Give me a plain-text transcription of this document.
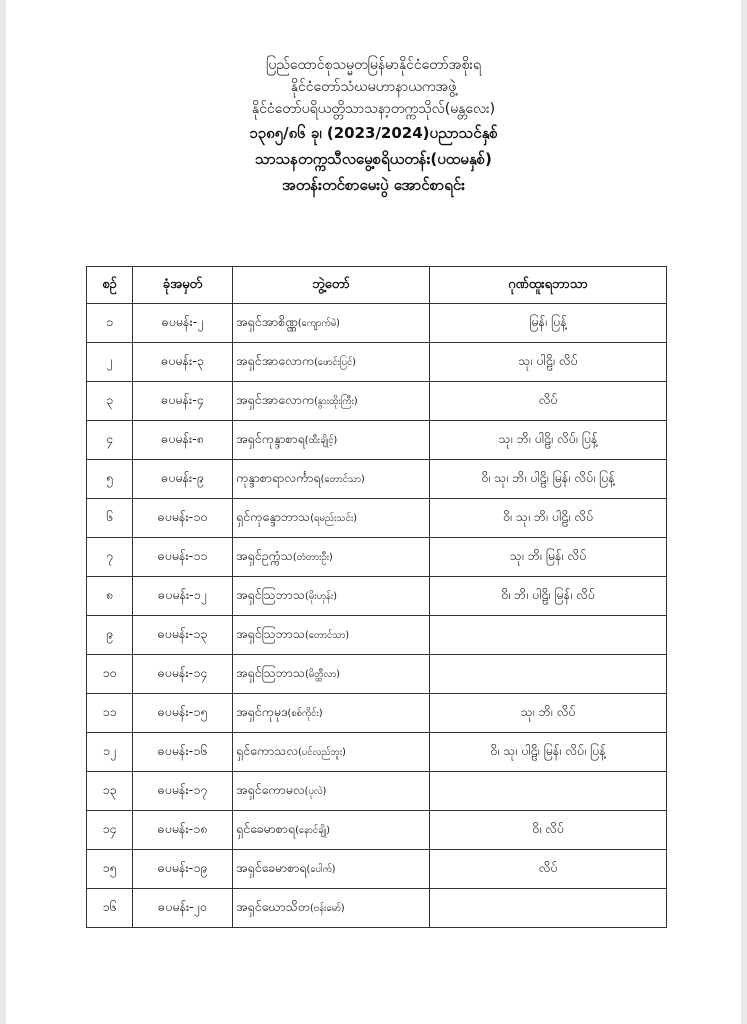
ပြည်ထောင်စုသမ္မတမြန်မာနိုင်ငံတော်အစိုးရ
နိုင်ငံတော်သံဃမဟာနာယကအဖွဲ့
နိုင်ငံတော်ပရိယတ္တိသာသနာ့တက္ကသိုလ်(မန္တလေး)
၁၃၈၅/၈၆ ခု၊ (2023/2024)ပညာသင်နှစ်
သာသနတက္ကသီလမွေ့စရိယတန်း(ပထမနှစ်)
အတန်းတင်စာမေးပွဲ အောင်စာရင်း
စဉ်	ခုံအမှတ်	ဘွဲ့တော်	ဂုဏ်ထူးရဘာသာ
၁	ဓပမန်း-၂	အရှင်အာစိဏ္ဏ(ကျောက်မဲ)	မြန်၊ ပြန့်
၂	ဓပမန်း-၃	အရှင်အာလောက(ဖောင်းပြင်)	သု၊ ပါဠိ၊ လိပ်
၃	ဓပမန်း-၄	အရှင်အာလောက(နွားထိုးကြီး)	လိပ်
၄	ဓပမန်း-၈	အရှင်ကုန္ဒာစာရ(ထီးချိုင့်)	သု၊ ဘိ၊ ပါဠိ၊ လိပ်၊ ပြန့်
၅	ဓပမန်း-၉	ကုန္ဒာစာရာလင်္ကာရ(တောင်သာ)	ဝိ၊ သု၊ ဘိ၊ ပါဠိ၊ မြန်၊ လိပ်၊ ပြန့်
၆	ဓပမန်း-၁၀	ရှင်ကုန္ဒောဘာသ(ရမည်းသင်း)	ဝိ၊ သု၊ ဘိ၊ ပါဠိ၊ လိပ်
၇	ဓပမန်း-၁၁	အရှင်ဥက္ကံသ(တံတားဦး)	သု၊ ဘိ၊ မြန်၊ လိပ်
၈	ဓပမန်း-၁၂	အရှင်သြဘာသ(မိုးဟုန်း)	ဝိ၊ ဘိ၊ ပါဠိ၊ မြန်၊ လိပ်
၉	ဓပမန်း-၁၃	အရှင်သြဘာသ(တောင်သာ)	
၁၀	ဓပမန်း-၁၄	အရှင်သြဘာသ(မိတ္ထီလာ)	
၁၁	ဓပမန်း-၁၅	အရှင်ကုမုဒ(စစ်ကိုင်း)	သု၊ ဘိ၊ လိပ်
၁၂	ဓပမန်း-၁၆	ရှင်ကောသလ(ပင်လည်ဘူး)	ဝိ၊ သု၊ ပါဠိ၊ မြန်၊ လိပ်၊ ပြန့်
၁၃	ဓပမန်း-၁၇	အရှင်ကောမလ(ပုလဲ)	
၁၄	ဓပမန်း-၁၈	ရှင်ခေမာစာရ(နောင်ချို)	ဝိ၊ လိပ်
၁၅	ဓပမန်း-၁၉	အရှင်ခေမာစာရ(ပေါက်)	လိပ်
၁၆	ဓပမန်း-၂၀	အရှင်ဃောသိတ(ဗန်းမော်)	
